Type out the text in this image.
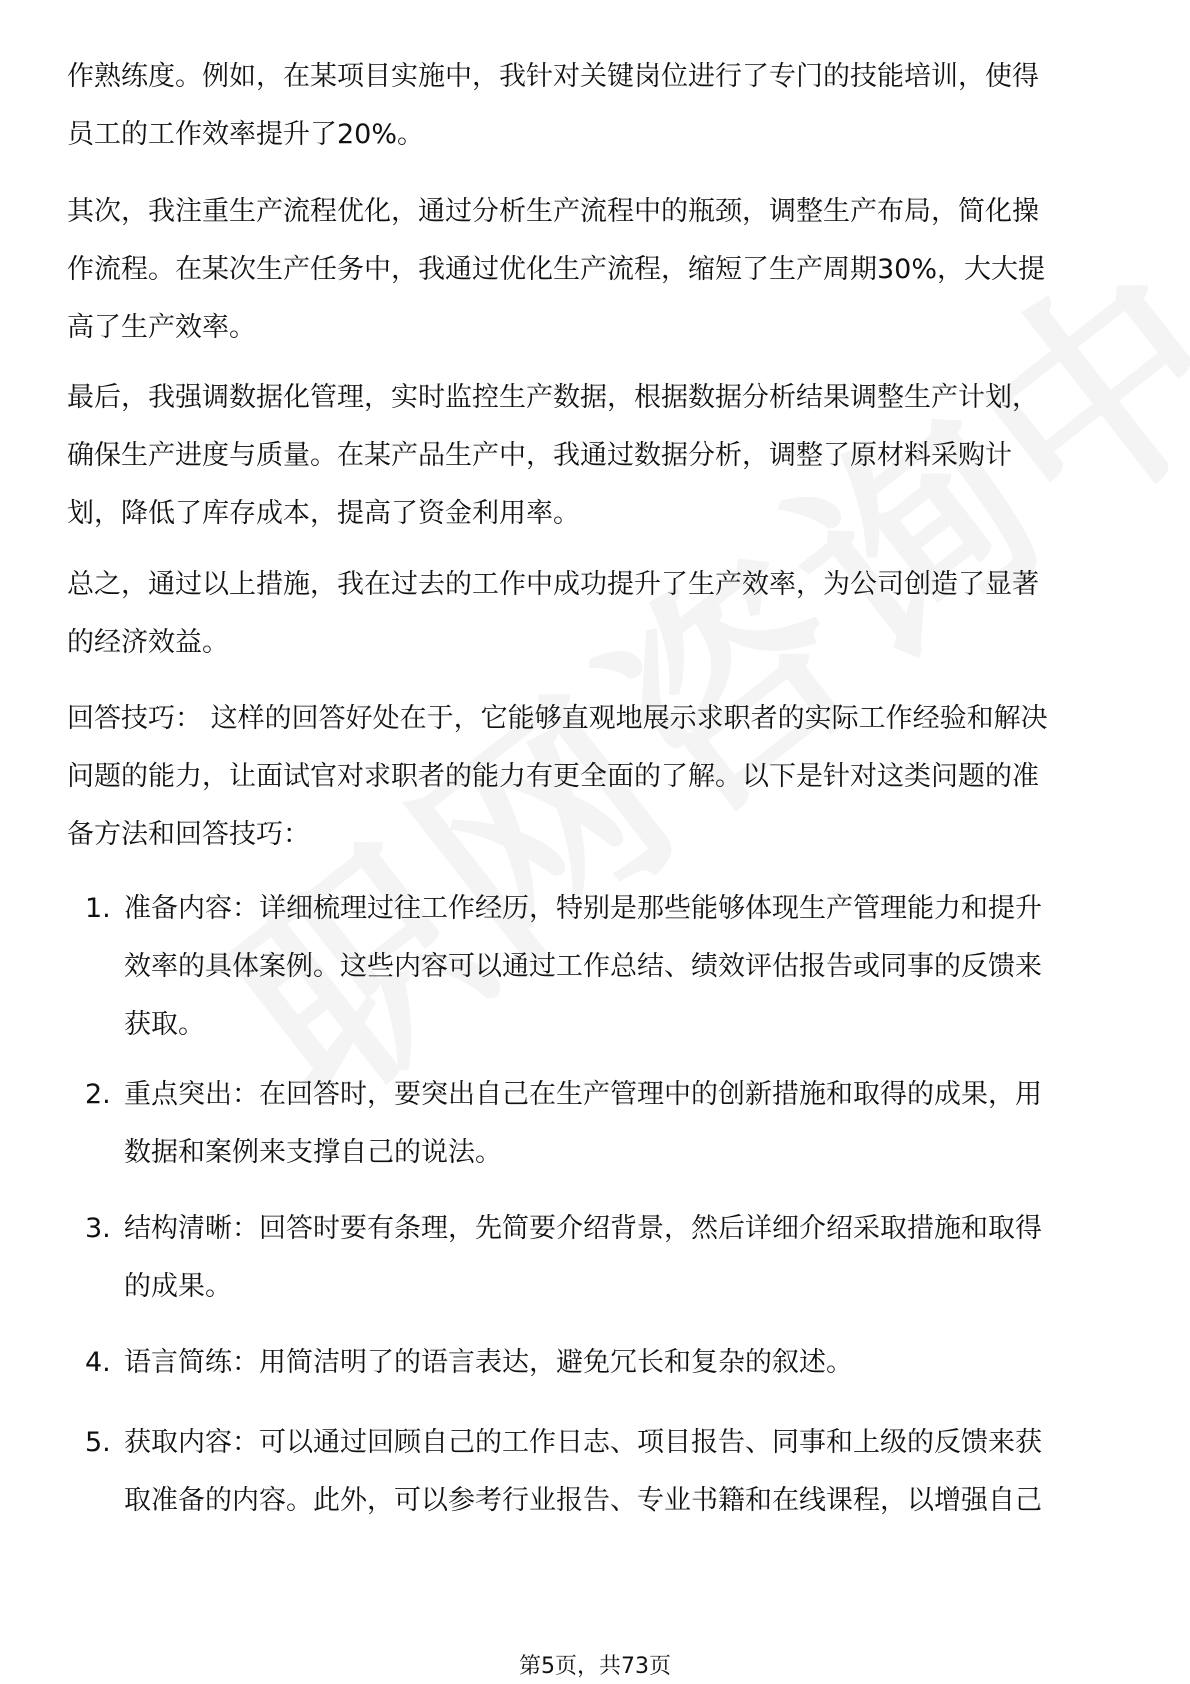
作熟练度。例如，在某项目实施中，我针对关键岗位进行了专门的技能培训，使得
员工的工作效率提升了20%。

其次，我注重生产流程优化，通过分析生产流程中的瓶颈，调整生产布局，简化操
作流程。在某次生产任务中，我通过优化生产流程，缩短了生产周期30%，大大提
高了生产效率。

最后，我强调数据化管理，实时监控生产数据，根据数据分析结果调整生产计划，
确保生产进度与质量。在某产品生产中，我通过数据分析，调整了原材料采购计
划，降低了库存成本，提高了资金利用率。

总之，通过以上措施，我在过去的工作中成功提升了生产效率，为公司创造了显著
的经济效益。

回答技巧： 这样的回答好处在于，它能够直观地展示求职者的实际工作经验和解决
问题的能力，让面试官对求职者的能力有更全面的了解。以下是针对这类问题的准
备方法和回答技巧：

1. 准备内容：详细梳理过往工作经历，特别是那些能够体现生产管理能力和提升
效率的具体案例。这些内容可以通过工作总结、绩效评估报告或同事的反馈来
获取。

2. 重点突出：在回答时，要突出自己在生产管理中的创新措施和取得的成果，用
数据和案例来支撑自己的说法。

3. 结构清晰：回答时要有条理，先简要介绍背景，然后详细介绍采取措施和取得
的成果。

4. 语言简练：用简洁明了的语言表达，避免冗长和复杂的叙述。

5. 获取内容：可以通过回顾自己的工作日志、项目报告、同事和上级的反馈来获
取准备的内容。此外，可以参考行业报告、专业书籍和在线课程，以增强自己

第5页，共73页
